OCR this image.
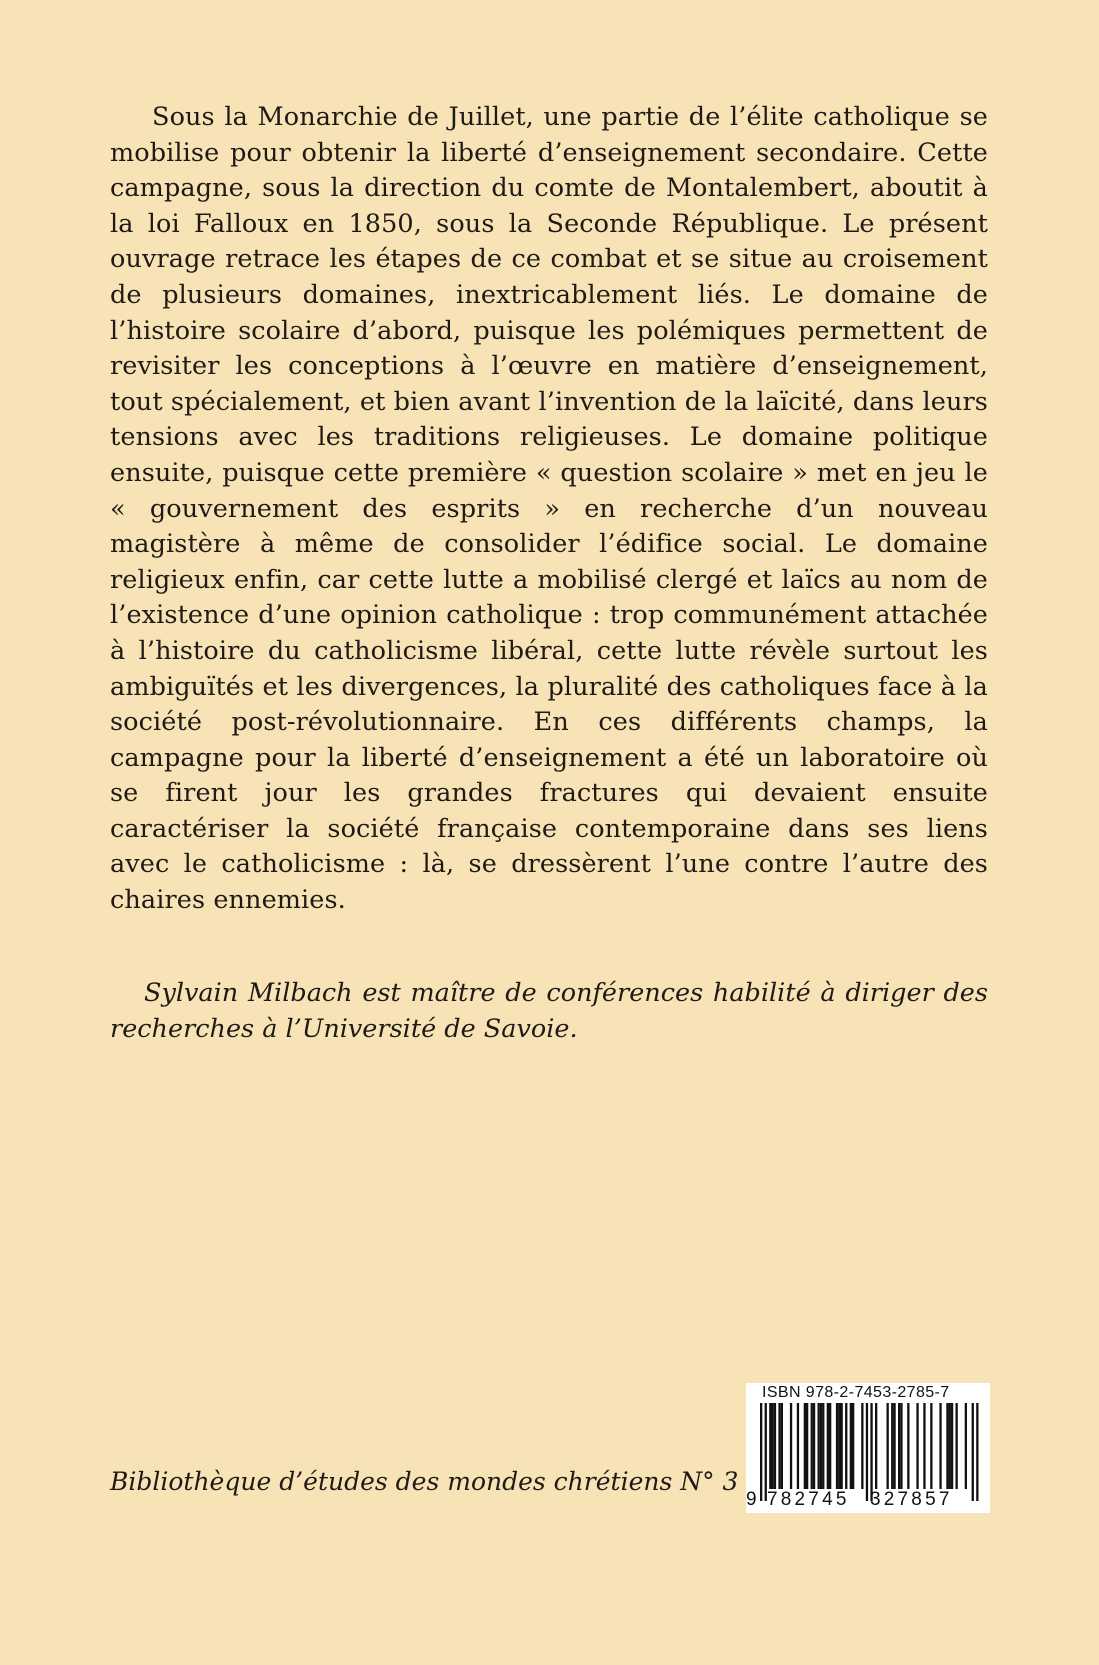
Sous la Monarchie de Juillet, une partie de l’élite catholique se mobilise pour obtenir la liberté d’enseignement secondaire. Cette campagne, sous la direction du comte de Montalembert, aboutit à la loi Falloux en 1850, sous la Seconde République. Le présent ouvrage retrace les étapes de ce combat et se situe au croisement de plusieurs domaines, inextricablement liés. Le domaine de l’histoire scolaire d’abord, puisque les polémiques permettent de revisiter les conceptions à l’œuvre en matière d’enseignement, tout spécialement, et bien avant l’invention de la laïcité, dans leurs tensions avec les traditions religieuses. Le domaine politique ensuite, puisque cette première « question scolaire » met en jeu le « gouvernement des esprits » en recherche d’un nouveau magistère à même de consolider l’édifice social. Le domaine religieux enfin, car cette lutte a mobilisé clergé et laïcs au nom de l’existence d’une opinion catholique : trop communément attachée à l’histoire du catholicisme libéral, cette lutte révèle surtout les ambiguïtés et les divergences, la pluralité des catholiques face à la société post-révolutionnaire. En ces différents champs, la campagne pour la liberté d’enseignement a été un laboratoire où se firent jour les grandes fractures qui devaient ensuite caractériser la société française contemporaine dans ses liens avec le catholicisme : là, se dressèrent l’une contre l’autre des chaires ennemies.

Sylvain Milbach est maître de conférences habilité à diriger des recherches à l’Université de Savoie.

Bibliothèque d’études des mondes chrétiens N° 3

ISBN 978-2-7453-2785-7
9 782745 327857
